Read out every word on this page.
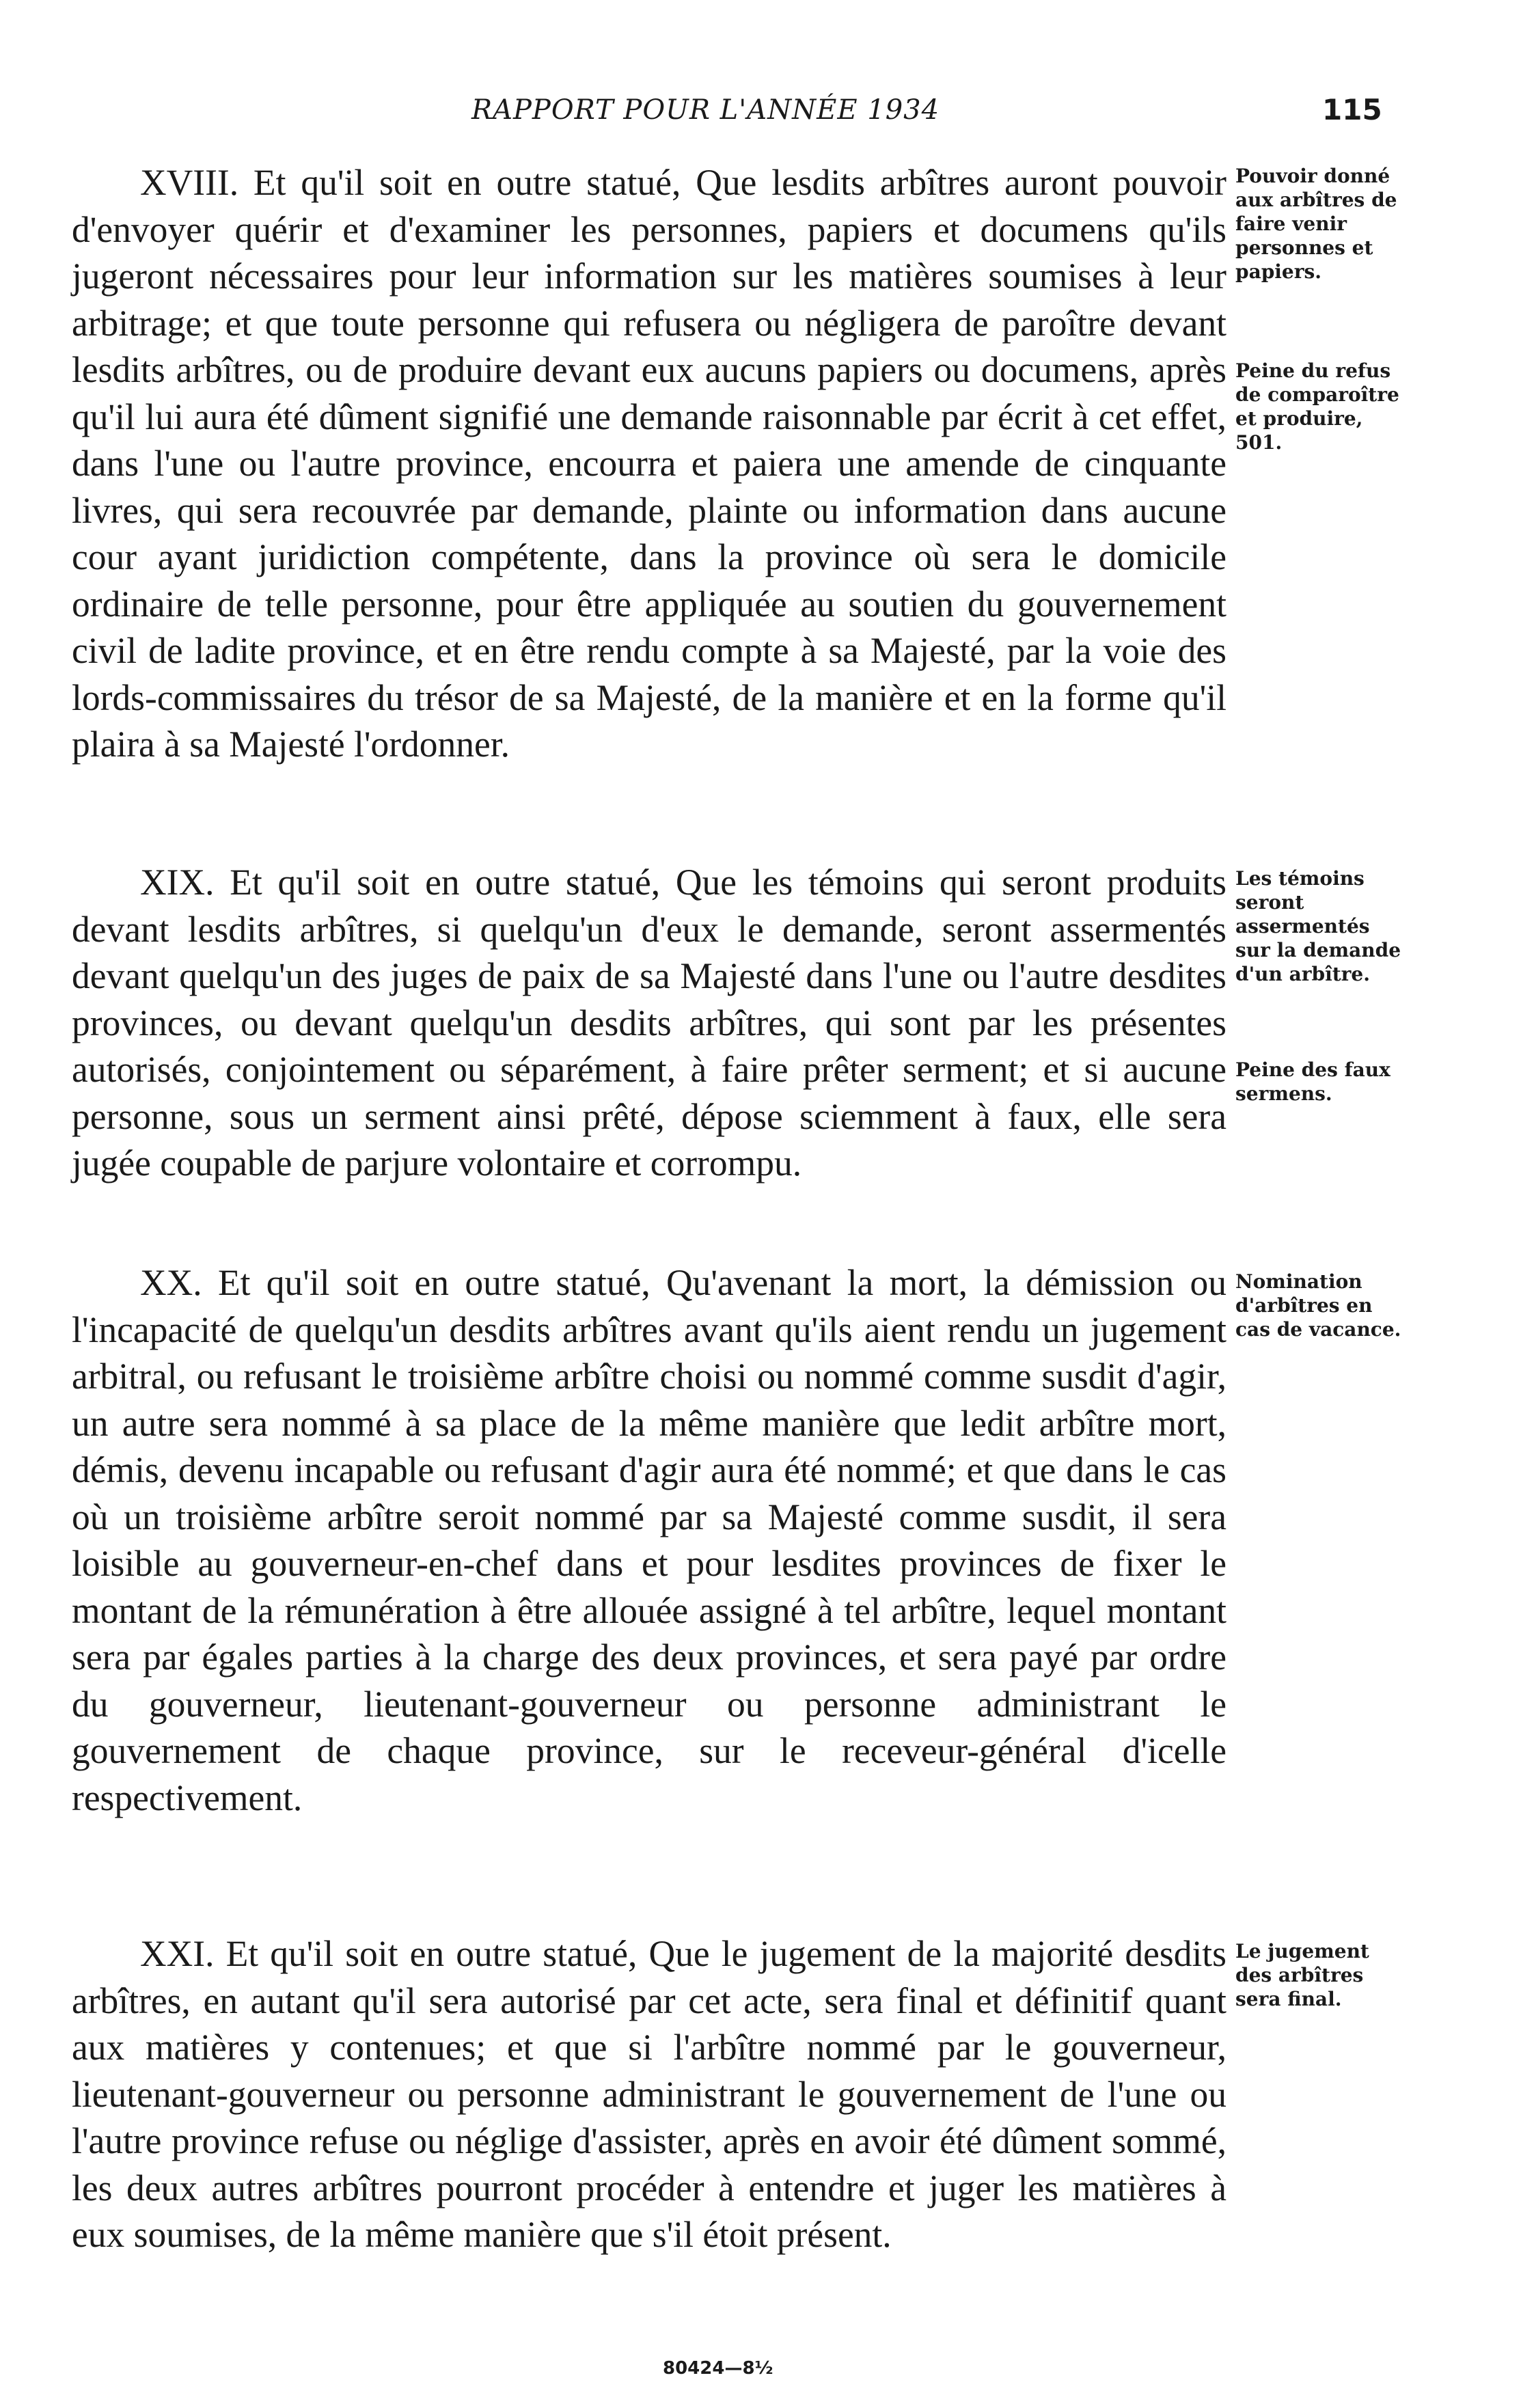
RAPPORT POUR L'ANNÉE 1934	115

XVIII. Et qu'il soit en outre statué, Que lesdits arbîtres auront pouvoir d'envoyer quérir et d'examiner les personnes, papiers et documens qu'ils jugeront nécessaires pour leur information sur les matières soumises à leur arbitrage; et que toute personne qui refusera ou négligera de paroître devant lesdits arbîtres, ou de produire devant eux aucuns papiers ou documens, après qu'il lui aura été dûment signifié une demande raisonnable par écrit à cet effet, dans l'une ou l'autre province, encourra et paiera une amende de cinquante livres, qui sera recouvrée par demande, plainte ou information dans aucune cour ayant juridiction compétente, dans la province où sera le domicile ordinaire de telle personne, pour être appliquée au soutien du gouvernement civil de ladite province, et en être rendu compte à sa Majesté, par la voie des lords-commissaires du trésor de sa Majesté, de la manière et en la forme qu'il plaira à sa Majesté l'ordonner.

Pouvoir donné aux arbîtres de faire venir personnes et papiers.

Peine du refus de comparoître et produire, 501.

XIX. Et qu'il soit en outre statué, Que les témoins qui seront produits devant lesdits arbîtres, si quelqu'un d'eux le demande, seront assermentés devant quelqu'un des juges de paix de sa Majesté dans l'une ou l'autre desdites provinces, ou devant quelqu'un desdits arbîtres, qui sont par les présentes autorisés, conjointement ou séparément, à faire prêter serment; et si aucune personne, sous un serment ainsi prêté, dépose sciemment à faux, elle sera jugée coupable de parjure volontaire et corrompu.

Les témoins seront assermentés sur la demande d'un arbître.

Peine des faux sermens.

XX. Et qu'il soit en outre statué, Qu'avenant la mort, la démission ou l'incapacité de quelqu'un desdits arbîtres avant qu'ils aient rendu un jugement arbitral, ou refusant le troisième arbître choisi ou nommé comme susdit d'agir, un autre sera nommé à sa place de la même manière que ledit arbître mort, démis, devenu incapable ou refusant d'agir aura été nommé; et que dans le cas où un troisième arbître seroit nommé par sa Majesté comme susdit, il sera loisible au gouverneur-en-chef dans et pour lesdites provinces de fixer le montant de la rémunération à être allouée assigné à tel arbître, lequel montant sera par égales parties à la charge des deux provinces, et sera payé par ordre du gouverneur, lieutenant-gouverneur ou personne administrant le gouvernement de chaque province, sur le receveur-général d'icelle respectivement.

Nomination d'arbîtres en cas de vacance.

XXI. Et qu'il soit en outre statué, Que le jugement de la majorité desdits arbîtres, en autant qu'il sera autorisé par cet acte, sera final et définitif quant aux matières y contenues; et que si l'arbître nommé par le gouverneur, lieutenant-gouverneur ou personne administrant le gouvernement de l'une ou l'autre province refuse ou néglige d'assister, après en avoir été dûment sommé, les deux autres arbîtres pourront procéder à entendre et juger les matières à eux soumises, de la même manière que s'il étoit présent.

Le jugement des arbîtres sera final.

80424—8½
